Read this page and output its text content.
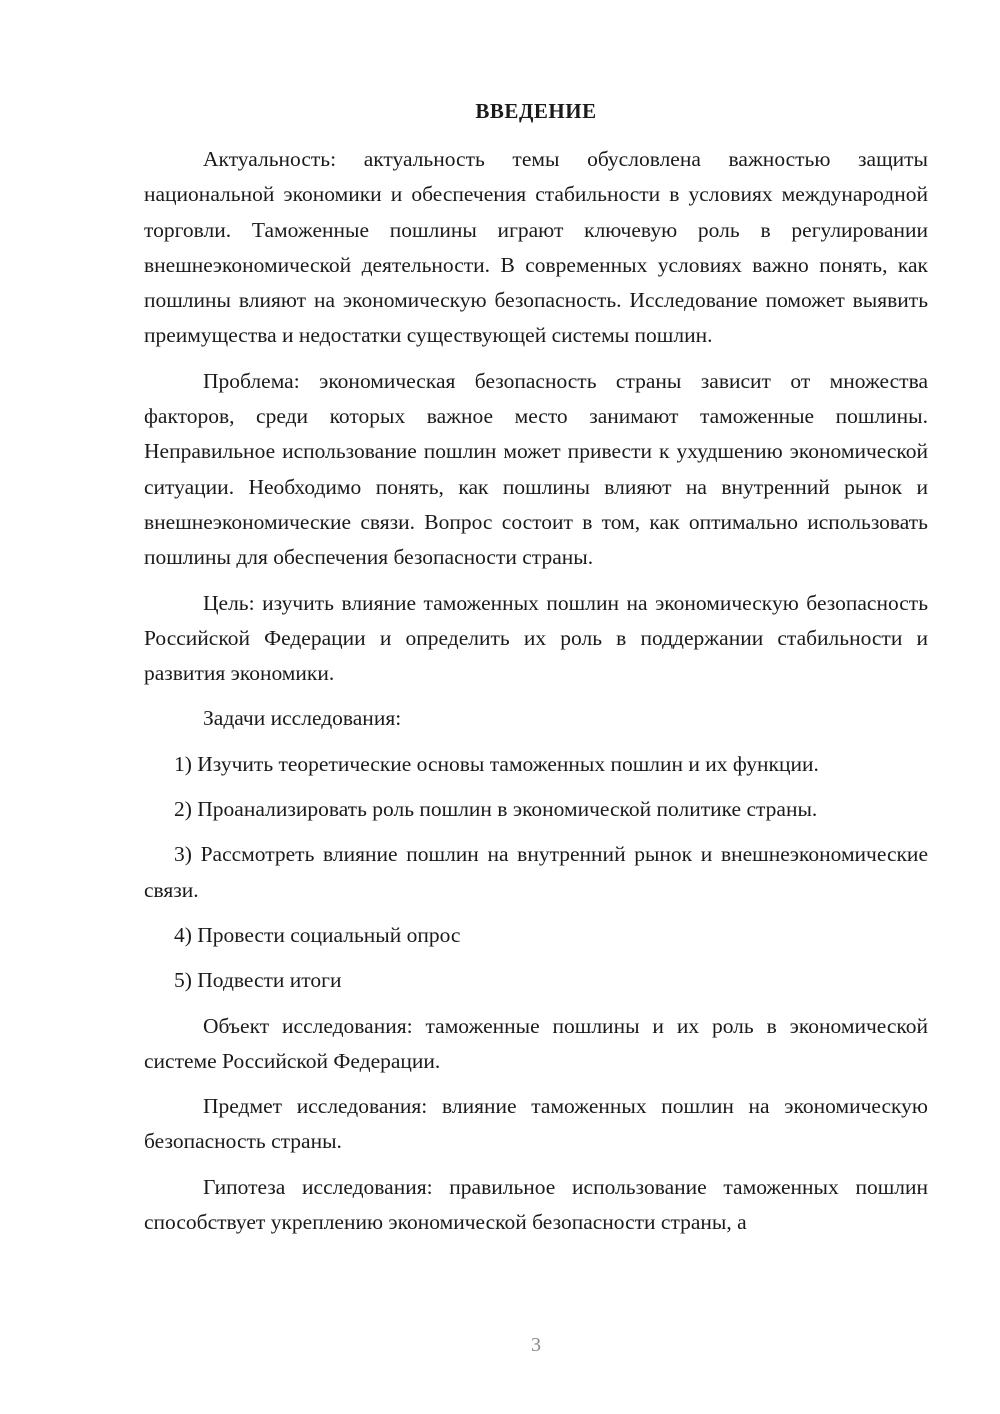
ВВЕДЕНИЕ

Актуальность: актуальность темы обусловлена важностью защиты национальной экономики и обеспечения стабильности в условиях международной торговли. Таможенные пошлины играют ключевую роль в регулировании внешнеэкономической деятельности. В современных условиях важно понять, как пошлины влияют на экономическую безопасность. Исследование поможет выявить преимущества и недостатки существующей системы пошлин.

Проблема: экономическая безопасность страны зависит от множества факторов, среди которых важное место занимают таможенные пошлины. Неправильное использование пошлин может привести к ухудшению экономической ситуации. Необходимо понять, как пошлины влияют на внутренний рынок и внешнеэкономические связи. Вопрос состоит в том, как оптимально использовать пошлины для обеспечения безопасности страны.

Цель: изучить влияние таможенных пошлин на экономическую безопасность Российской Федерации и определить их роль в поддержании стабильности и развития экономики.

Задачи исследования:

1) Изучить теоретические основы таможенных пошлин и их функции.

2) Проанализировать роль пошлин в экономической политике страны.

3) Рассмотреть влияние пошлин на внутренний рынок и внешнеэкономические связи.

4) Провести социальный опрос

5) Подвести итоги

Объект исследования: таможенные пошлины и их роль в экономической системе Российской Федерации.

Предмет исследования: влияние таможенных пошлин на экономическую безопасность страны.

Гипотеза исследования: правильное использование таможенных пошлин способствует укреплению экономической безопасности страны, а

3
